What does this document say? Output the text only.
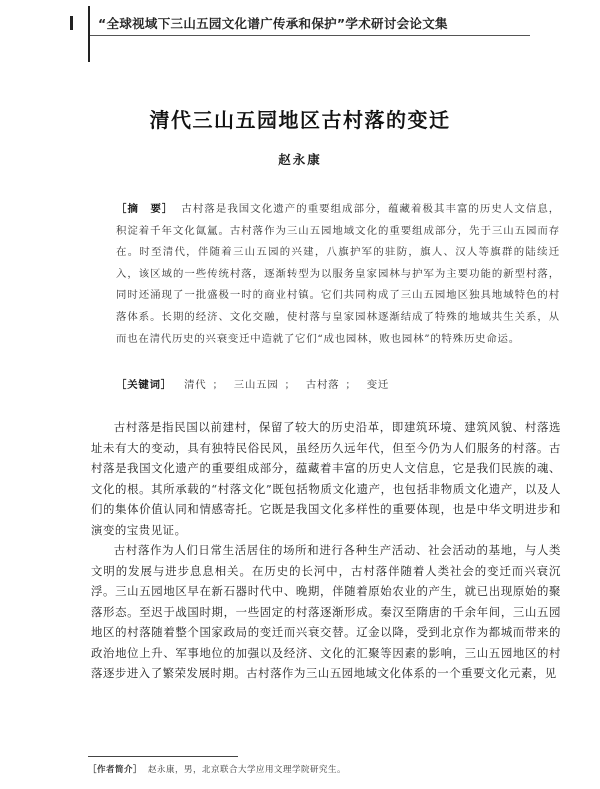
“全球视域下三山五园文化谱广传承和保护”学术研讨会论文集
清代三山五园地区古村落的变迁
赵永康
［摘　要］ 古村落是我国文化遗产的重要组成部分，蕴藏着极其丰富的历史人文信息，积淀着千年文化氤氲。古村落作为三山五园地域文化的重要组成部分，先于三山五园而存在。时至清代，伴随着三山五园的兴建，八旗护军的驻防，旗人、汉人等旗群的陆续迁入，该区域的一些传统村落，逐渐转型为以服务皇家园林与护军为主要功能的新型村落，同时还涌现了一批盛极一时的商业村镇。它们共同构成了三山五园地区独具地域特色的村落体系。长期的经济、文化交融，使村落与皇家园林逐渐结成了特殊的地域共生关系，从而也在清代历史的兴衰变迁中造就了它们“成也园林，败也园林”的特殊历史命运。
［关键词］ 清代 ； 三山五园 ； 古村落 ； 变迁

古村落是指民国以前建村，保留了较大的历史沿革，即建筑环境、建筑风貌、村落选址未有大的变动，具有独特民俗民风，虽经历久远年代，但至今仍为人们服务的村落。古村落是我国文化遗产的重要组成部分，蕴藏着丰富的历史人文信息，它是我们民族的魂、文化的根。其所承载的“村落文化”既包括物质文化遗产，也包括非物质文化遗产，以及人们的集体价值认同和情感寄托。它既是我国文化多样性的重要体现，也是中华文明进步和演变的宝贵见证。

古村落作为人们日常生活居住的场所和进行各种生产活动、社会活动的基地，与人类文明的发展与进步息息相关。在历史的长河中，古村落伴随着人类社会的变迁而兴衰沉浮。三山五园地区早在新石器时代中、晚期，伴随着原始农业的产生，就已出现原始的聚落形态。至迟于战国时期，一些固定的村落逐渐形成。秦汉至隋唐的千余年间，三山五园地区的村落随着整个国家政局的变迁而兴衰交替。辽金以降，受到北京作为都城而带来的政治地位上升、军事地位的加强以及经济、文化的汇聚等因素的影响，三山五园地区的村落逐步进入了繁荣发展时期。古村落作为三山五园地域文化体系的一个重要文化元素，见

［作者简介］ 赵永康，男，北京联合大学应用文理学院研究生。
